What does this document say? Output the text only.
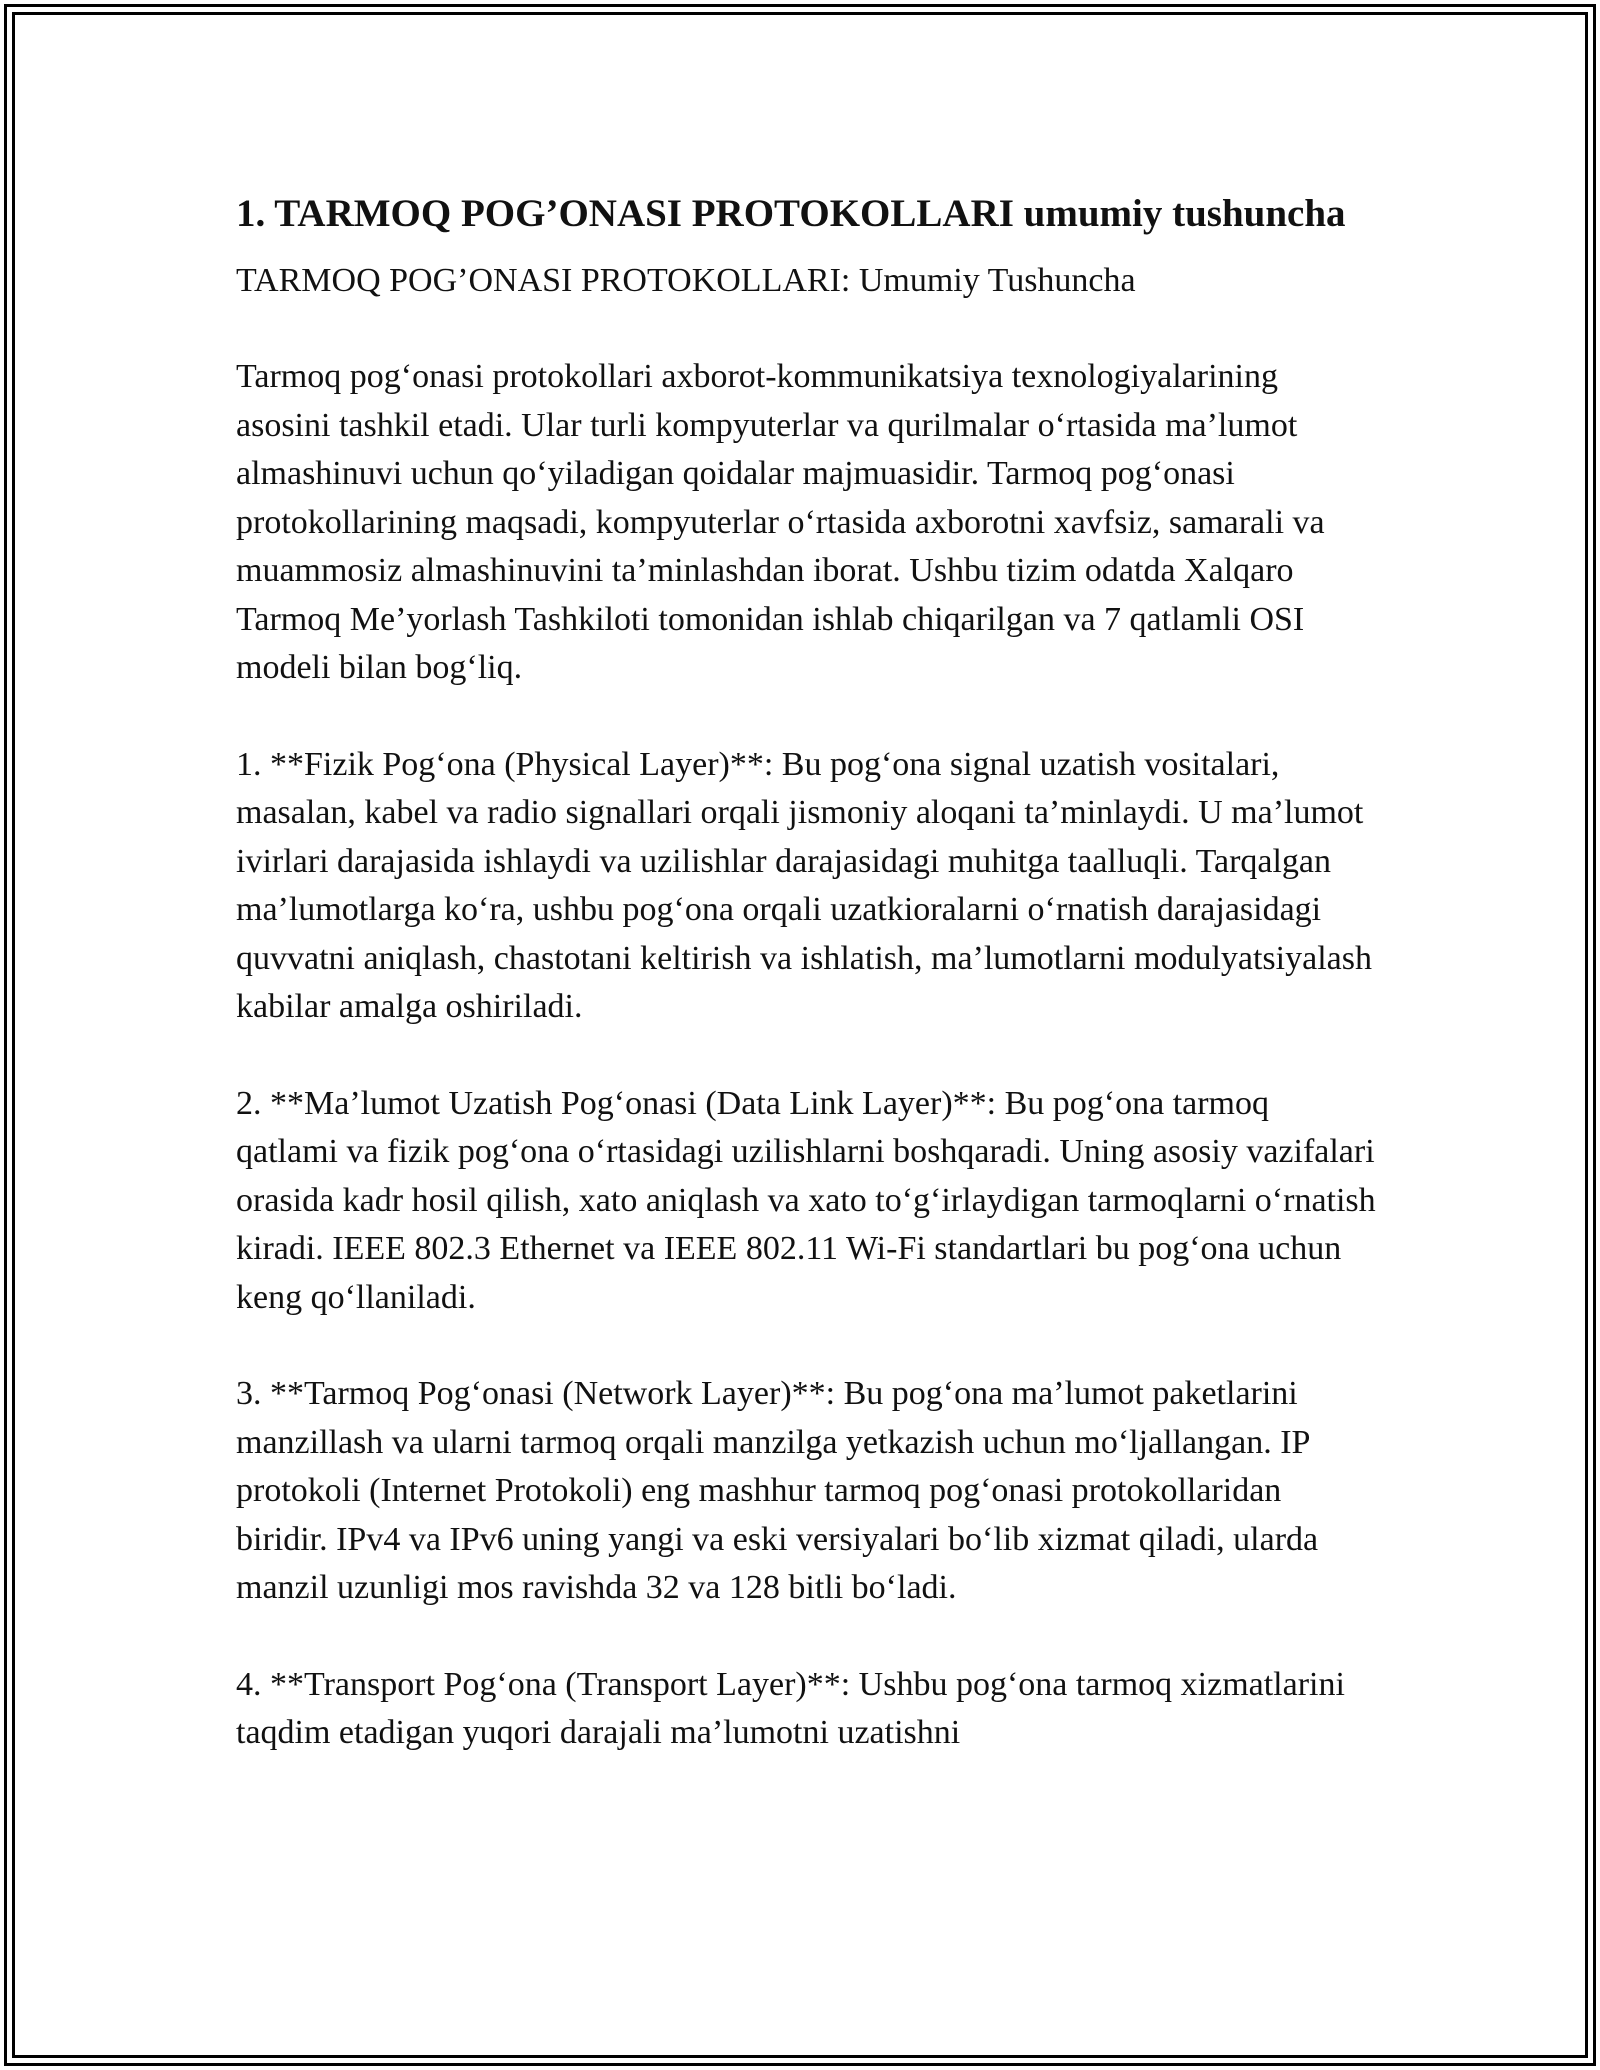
1. TARMOQ POG’ONASI PROTOKOLLARI umumiy tushuncha

TARMOQ POG’ONASI PROTOKOLLARI: Umumiy Tushuncha

Tarmoq pog‘onasi protokollari axborot-kommunikatsiya texnologiyalarining asosini tashkil etadi. Ular turli kompyuterlar va qurilmalar o‘rtasida ma’lumot almashinuvi uchun qo‘yiladigan qoidalar majmuasidir. Tarmoq pog‘onasi protokollarining maqsadi, kompyuterlar o‘rtasida axborotni xavfsiz, samarali va muammosiz almashinuvini ta’minlashdan iborat. Ushbu tizim odatda Xalqaro Tarmoq Me’yorlash Tashkiloti tomonidan ishlab chiqarilgan va 7 qatlamli OSI modeli bilan bog‘liq.

1. **Fizik Pog‘ona (Physical Layer)**: Bu pog‘ona signal uzatish vositalari, masalan, kabel va radio signallari orqali jismoniy aloqani ta’minlaydi. U ma’lumot ivirlari darajasida ishlaydi va uzilishlar darajasidagi muhitga taalluqli. Tarqalgan ma’lumotlarga ko‘ra, ushbu pog‘ona orqali uzatkioralarni o‘rnatish darajasidagi quvvatni aniqlash, chastotani keltirish va ishlatish, ma’lumotlarni modulyatsiyalash kabilar amalga oshiriladi.

2. **Ma’lumot Uzatish Pog‘onasi (Data Link Layer)**: Bu pog‘ona tarmoq qatlami va fizik pog‘ona o‘rtasidagi uzilishlarni boshqaradi. Uning asosiy vazifalari orasida kadr hosil qilish, xato aniqlash va xato to‘g‘irlaydigan tarmoqlarni o‘rnatish kiradi. IEEE 802.3 Ethernet va IEEE 802.11 Wi-Fi standartlari bu pog‘ona uchun keng qo‘llaniladi.

3. **Tarmoq Pog‘onasi (Network Layer)**: Bu pog‘ona ma’lumot paketlarini manzillash va ularni tarmoq orqali manzilga yetkazish uchun mo‘ljallangan. IP protokoli (Internet Protokoli) eng mashhur tarmoq pog‘onasi protokollaridan biridir. IPv4 va IPv6 uning yangi va eski versiyalari bo‘lib xizmat qiladi, ularda manzil uzunligi mos ravishda 32 va 128 bitli bo‘ladi.

4. **Transport Pog‘ona (Transport Layer)**: Ushbu pog‘ona tarmoq xizmatlarini taqdim etadigan yuqori darajali ma’lumotni uzatishni
